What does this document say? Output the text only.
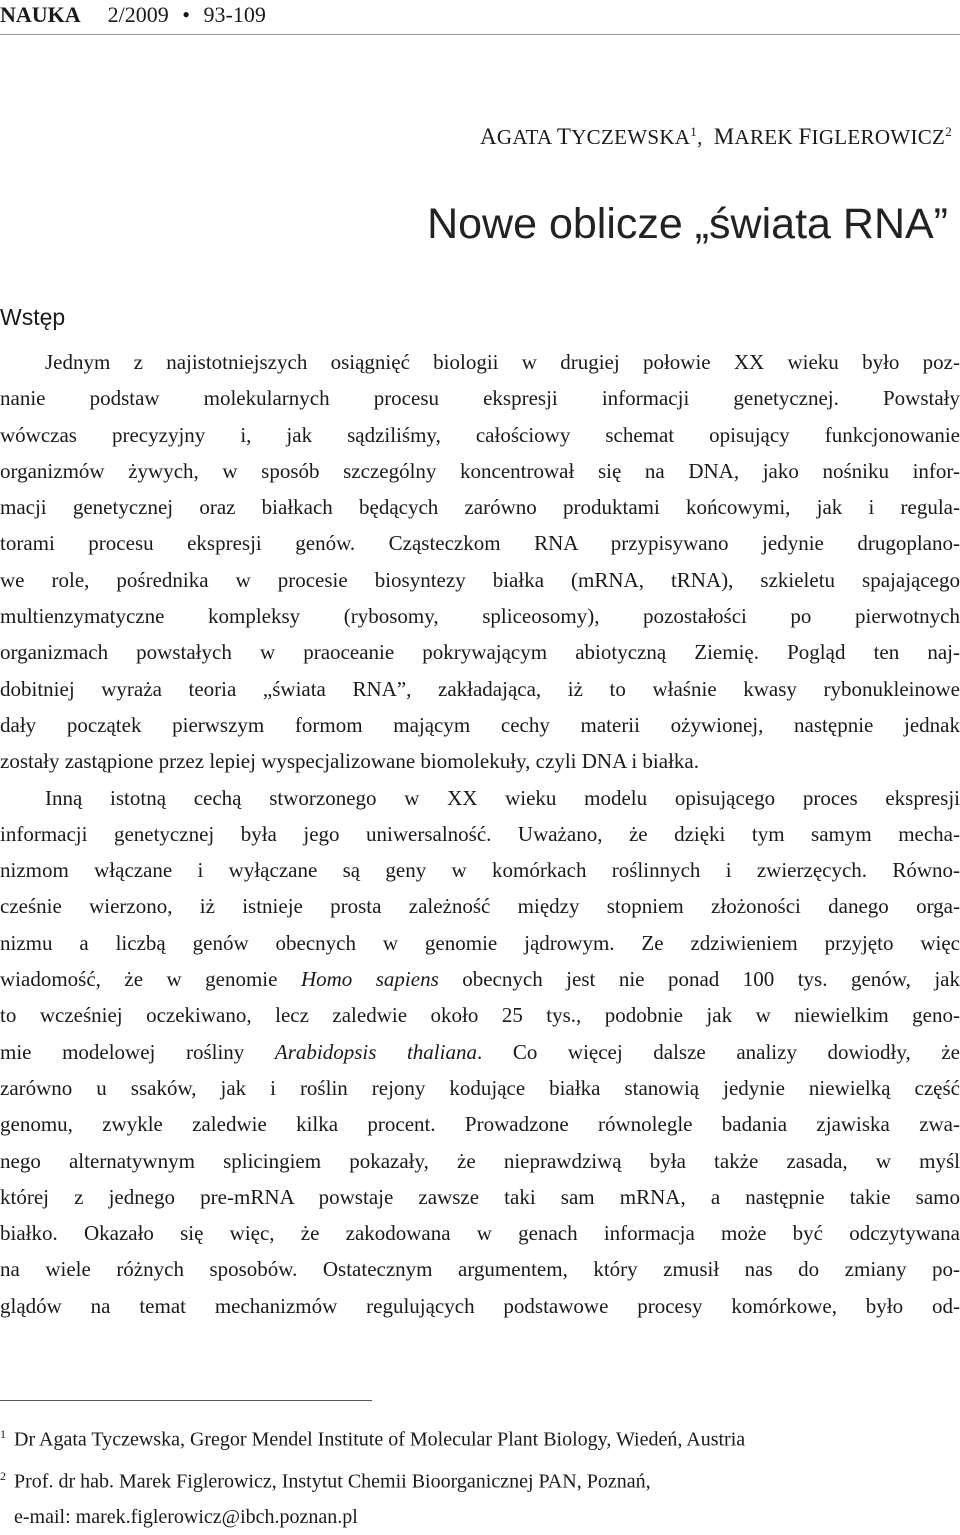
NAUKA 2/2009 • 93-109
AGATA TYCZEWSKA$^1$, MAREK FIGLEROWICZ$^2$
Nowe oblicze „świata RNA”
Wstęp
Jednym z najistotniejszych osiągnięć biologii w drugiej połowie XX wieku było poz-
nanie podstaw molekularnych procesu ekspresji informacji genetycznej. Powstały
wówczas precyzyjny i, jak sądziliśmy, całościowy schemat opisujący funkcjonowanie
organizmów żywych, w sposób szczególny koncentrował się na DNA, jako nośniku infor-
macji genetycznej oraz białkach będących zarówno produktami końcowymi, jak i regula-
torami procesu ekspresji genów. Cząsteczkom RNA przypisywano jedynie drugoplano-
we role, pośrednika w procesie biosyntezy białka (mRNA, tRNA), szkieletu spajającego
multienzymatyczne kompleksy (rybosomy, spliceosomy), pozostałości po pierwotnych
organizmach powstałych w praoceanie pokrywającym abiotyczną Ziemię. Pogląd ten naj-
dobitniej wyraża teoria „świata RNA”, zakładająca, iż to właśnie kwasy rybonukleinowe
dały początek pierwszym formom mającym cechy materii ożywionej, następnie jednak
zostały zastąpione przez lepiej wyspecjalizowane biomolekuły, czyli DNA i białka.
Inną istotną cechą stworzonego w XX wieku modelu opisującego proces ekspresji
informacji genetycznej była jego uniwersalność. Uważano, że dzięki tym samym mecha-
nizmom włączane i wyłączane są geny w komórkach roślinnych i zwierzęcych. Równo-
cześnie wierzono, iż istnieje prosta zależność między stopniem złożoności danego orga-
nizmu a liczbą genów obecnych w genomie jądrowym. Ze zdziwieniem przyjęto więc
wiadomość, że w genomie Homo sapiens obecnych jest nie ponad 100 tys. genów, jak
to wcześniej oczekiwano, lecz zaledwie około 25 tys., podobnie jak w niewielkim geno-
mie modelowej rośliny Arabidopsis thaliana. Co więcej dalsze analizy dowiodły, że
zarówno u ssaków, jak i roślin rejony kodujące białka stanowią jedynie niewielką część
genomu, zwykle zaledwie kilka procent. Prowadzone równolegle badania zjawiska zwa-
nego alternatywnym splicingiem pokazały, że nieprawdziwą była także zasada, w myśl
której z jednego pre-mRNA powstaje zawsze taki sam mRNA, a następnie takie samo
białko. Okazało się więc, że zakodowana w genach informacja może być odczytywana
na wiele różnych sposobów. Ostatecznym argumentem, który zmusił nas do zmiany po-
glądów na temat mechanizmów regulujących podstawowe procesy komórkowe, było od-
$^1$ Dr Agata Tyczewska, Gregor Mendel Institute of Molecular Plant Biology, Wiedeń, Austria
$^2$ Prof. dr hab. Marek Figlerowicz, Instytut Chemii Bioorganicznej PAN, Poznań,
e-mail: marek.figlerowicz@ibch.poznan.pl
